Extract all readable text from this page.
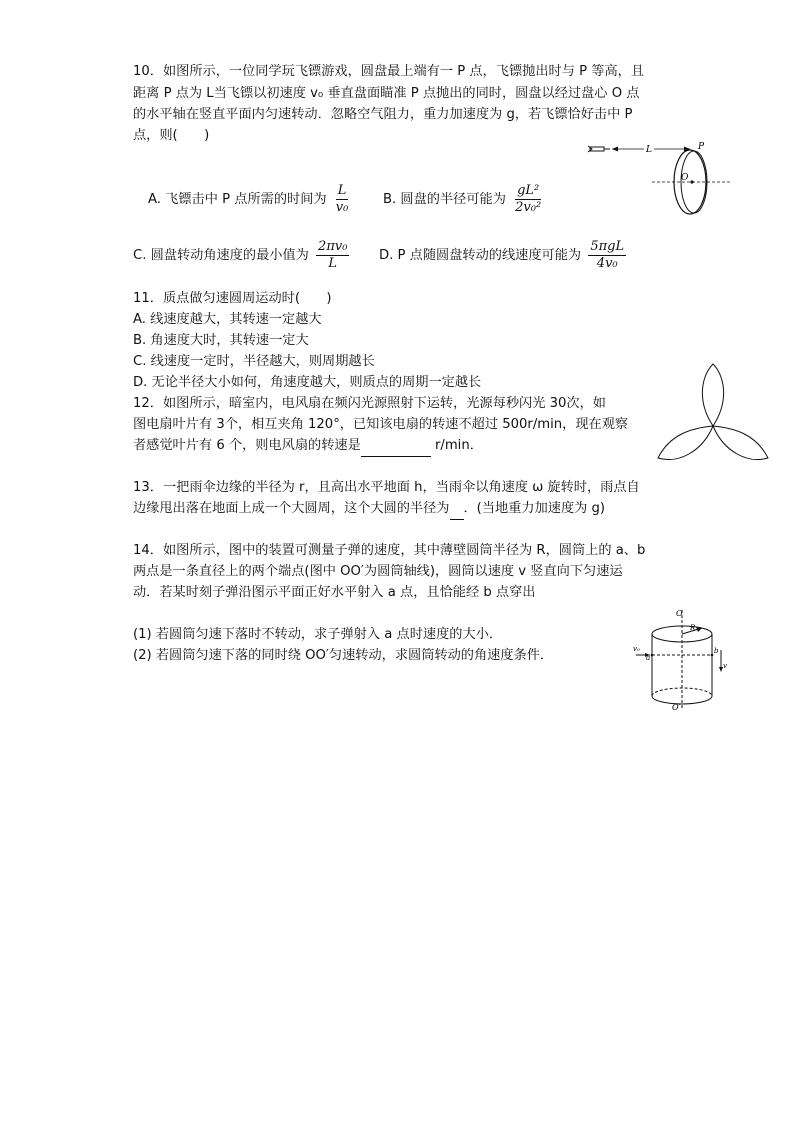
10．如图所示，一位同学玩飞镖游戏，圆盘最上端有一 P 点，飞镖抛出时与 P 等高，且
距离 P 点为 L当飞镖以初速度 v₀ 垂直盘面瞄准 P 点抛出的同时，圆盘以经过盘心 O 点
的水平轴在竖直平面内匀速转动．忽略空气阻力，重力加速度为 g，若飞镖恰好击中 P
点，则(　　)
L	P
O
A. 飞镖击中 P 点所需的时间为 $\frac{L}{\text{v₀}} B$. 圆盘的半径可能为 $\frac{\text{gL²}}{\text{2v₀²}}$
C. 圆盘转动角速度的最小值为 $\frac{\text{2πv₀}}{L} D$. P 点随圆盘转动的线速度可能为 $\frac{\text{5πgL}}{\text{4v₀}}$
11．质点做匀速圆周运动时(　　)
A. 线速度越大，其转速一定越大
B. 角速度大时，其转速一定大
C. 线速度一定时，半径越大，则周期越长
D. 无论半径大小如何，角速度越大，则质点的周期一定越长
12．如图所示，暗室内，电风扇在频闪光源照射下运转，光源每秒闪光 30次，如
图电扇叶片有 3个，相互夹角 120°，已知该电扇的转速不超过 500r/min，现在观察
者感觉叶片有 6 个，则电风扇的转速是	r/min．
13．一把雨伞边缘的半径为 r，且高出水平地面 h，当雨伞以角速度 ω 旋转时，雨点自
边缘甩出落在地面上成一个大圆周，这个大圆的半径为 ．(当地重力加速度为 g)
14．如图所示，图中的装置可测量子弹的速度，其中薄壁圆筒半径为 R，圆筒上的 a、b
两点是一条直径上的两个端点(图中 OO′为圆筒轴线)，圆筒以速度 v 竖直向下匀速运
动．若某时刻子弹沿图示平面正好水平射入 a 点，且恰能经 b 点穿出
(1) 若圆筒匀速下落时不转动，求子弹射入 a 点时速度的大小．
(2) 若圆筒匀速下落的同时绕 OO′匀速转动，求圆筒转动的角速度条件．
O
O′
R
v₀
a
b
v
